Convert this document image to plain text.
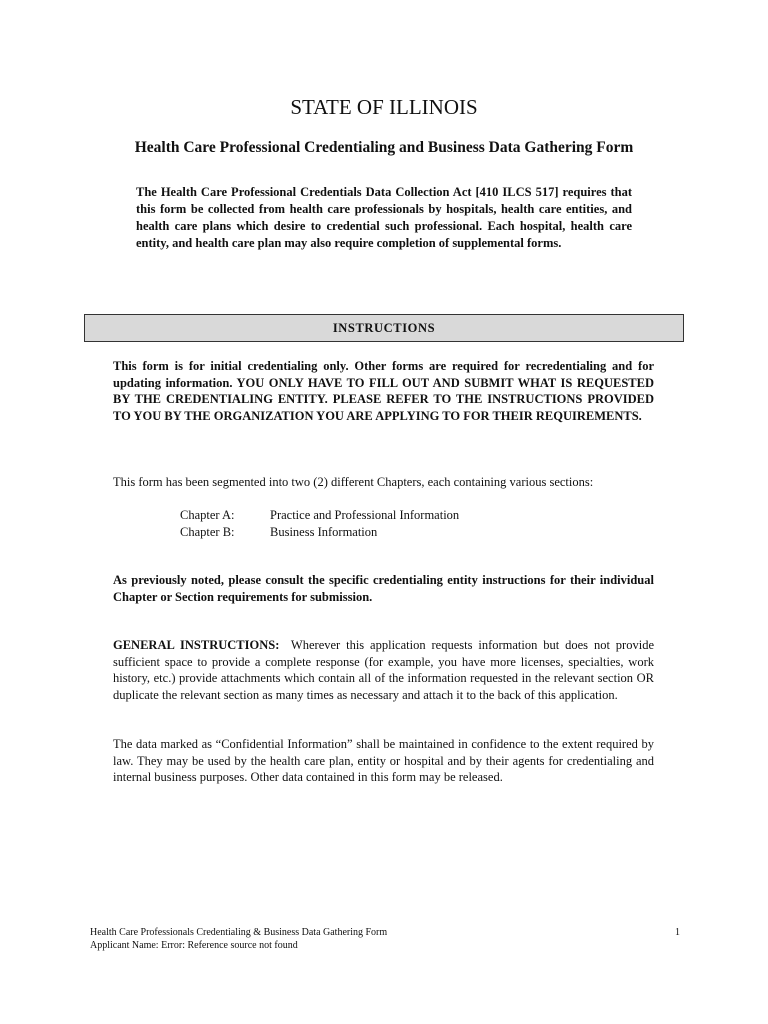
STATE OF ILLINOIS
Health Care Professional Credentialing and Business Data Gathering Form
The Health Care Professional Credentials Data Collection Act [410 ILCS 517] requires that this form be collected from health care professionals by hospitals, health care entities, and health care plans which desire to credential such professional. Each hospital, health care entity, and health care plan may also require completion of supplemental forms.
INSTRUCTIONS
This form is for initial credentialing only. Other forms are required for recredentialing and for updating information. YOU ONLY HAVE TO FILL OUT AND SUBMIT WHAT IS REQUESTED BY THE CREDENTIALING ENTITY. PLEASE REFER TO THE INSTRUCTIONS PROVIDED TO YOU BY THE ORGANIZATION YOU ARE APPLYING TO FOR THEIR REQUIREMENTS.
This form has been segmented into two (2) different Chapters, each containing various sections:
Chapter A:	Practice and Professional Information
Chapter B:	Business Information
As previously noted, please consult the specific credentialing entity instructions for their individual Chapter or Section requirements for submission.
GENERAL INSTRUCTIONS:  Wherever this application requests information but does not provide sufficient space to provide a complete response (for example, you have more licenses, specialties, work history, etc.) provide attachments which contain all of the information requested in the relevant section OR duplicate the relevant section as many times as necessary and attach it to the back of this application.
The data marked as “Confidential Information” shall be maintained in confidence to the extent required by law. They may be used by the health care plan, entity or hospital and by their agents for credentialing and internal business purposes. Other data contained in this form may be released.
Health Care Professionals Credentialing & Business Data Gathering Form
Applicant Name: Error: Reference source not found
1
